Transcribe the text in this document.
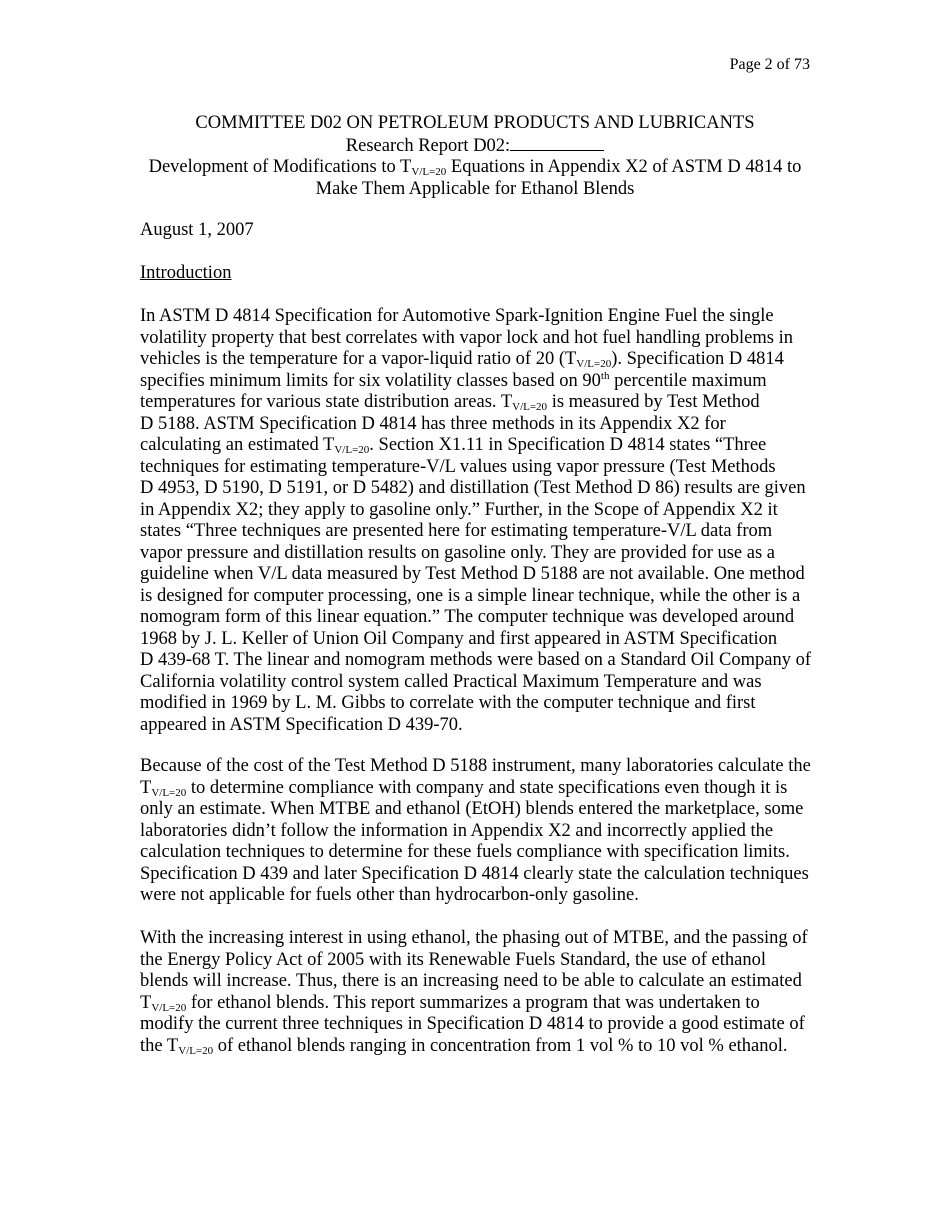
Page 2 of 73
COMMITTEE D02 ON PETROLEUM PRODUCTS AND LUBRICANTS
Research Report D02:
Development of Modifications to $T_{V/L=20}$ Equations in Appendix X2 of ASTM D 4814 to
Make Them Applicable for Ethanol Blends
August 1, 2007
Introduction
In ASTM D 4814 Specification for Automotive Spark-Ignition Engine Fuel the single
volatility property that best correlates with vapor lock and hot fuel handling problems in
vehicles is the temperature for a vapor-liquid ratio of 20 $(T_{V/L=20})$. Specification D 4814
specifies minimum limits for six volatility classes based on 90th percentile maximum
temperatures for various state distribution areas. $T_{V/L=20}$ is measured by Test Method
D 5188. ASTM Specification D 4814 has three methods in its Appendix X2 for
calculating an estimated $T_{V/L=20}$. Section X1.11 in Specification D 4814 states “Three
techniques for estimating temperature-V/L values using vapor pressure (Test Methods
D 4953, D 5190, D 5191, or D 5482) and distillation (Test Method D 86) results are given
in Appendix X2; they apply to gasoline only.” Further, in the Scope of Appendix X2 it
states “Three techniques are presented here for estimating temperature-V/L data from
vapor pressure and distillation results on gasoline only. They are provided for use as a
guideline when V/L data measured by Test Method D 5188 are not available. One method
is designed for computer processing, one is a simple linear technique, while the other is a
nomogram form of this linear equation.” The computer technique was developed around
1968 by J. L. Keller of Union Oil Company and first appeared in ASTM Specification
D 439-68 T. The linear and nomogram methods were based on a Standard Oil Company of
California volatility control system called Practical Maximum Temperature and was
modified in 1969 by L. M. Gibbs to correlate with the computer technique and first
appeared in ASTM Specification D 439-70.
Because of the cost of the Test Method D 5188 instrument, many laboratories calculate the
$T_{V/L=20}$ to determine compliance with company and state specifications even though it is
only an estimate. When MTBE and ethanol (EtOH) blends entered the marketplace, some
laboratories didn’t follow the information in Appendix X2 and incorrectly applied the
calculation techniques to determine for these fuels compliance with specification limits.
Specification D 439 and later Specification D 4814 clearly state the calculation techniques
were not applicable for fuels other than hydrocarbon-only gasoline.
With the increasing interest in using ethanol, the phasing out of MTBE, and the passing of
the Energy Policy Act of 2005 with its Renewable Fuels Standard, the use of ethanol
blends will increase. Thus, there is an increasing need to be able to calculate an estimated
$T_{V/L=20}$ for ethanol blends. This report summarizes a program that was undertaken to
modify the current three techniques in Specification D 4814 to provide a good estimate of
the $T_{V/L=20}$ of ethanol blends ranging in concentration from 1 vol % to 10 vol % ethanol.
